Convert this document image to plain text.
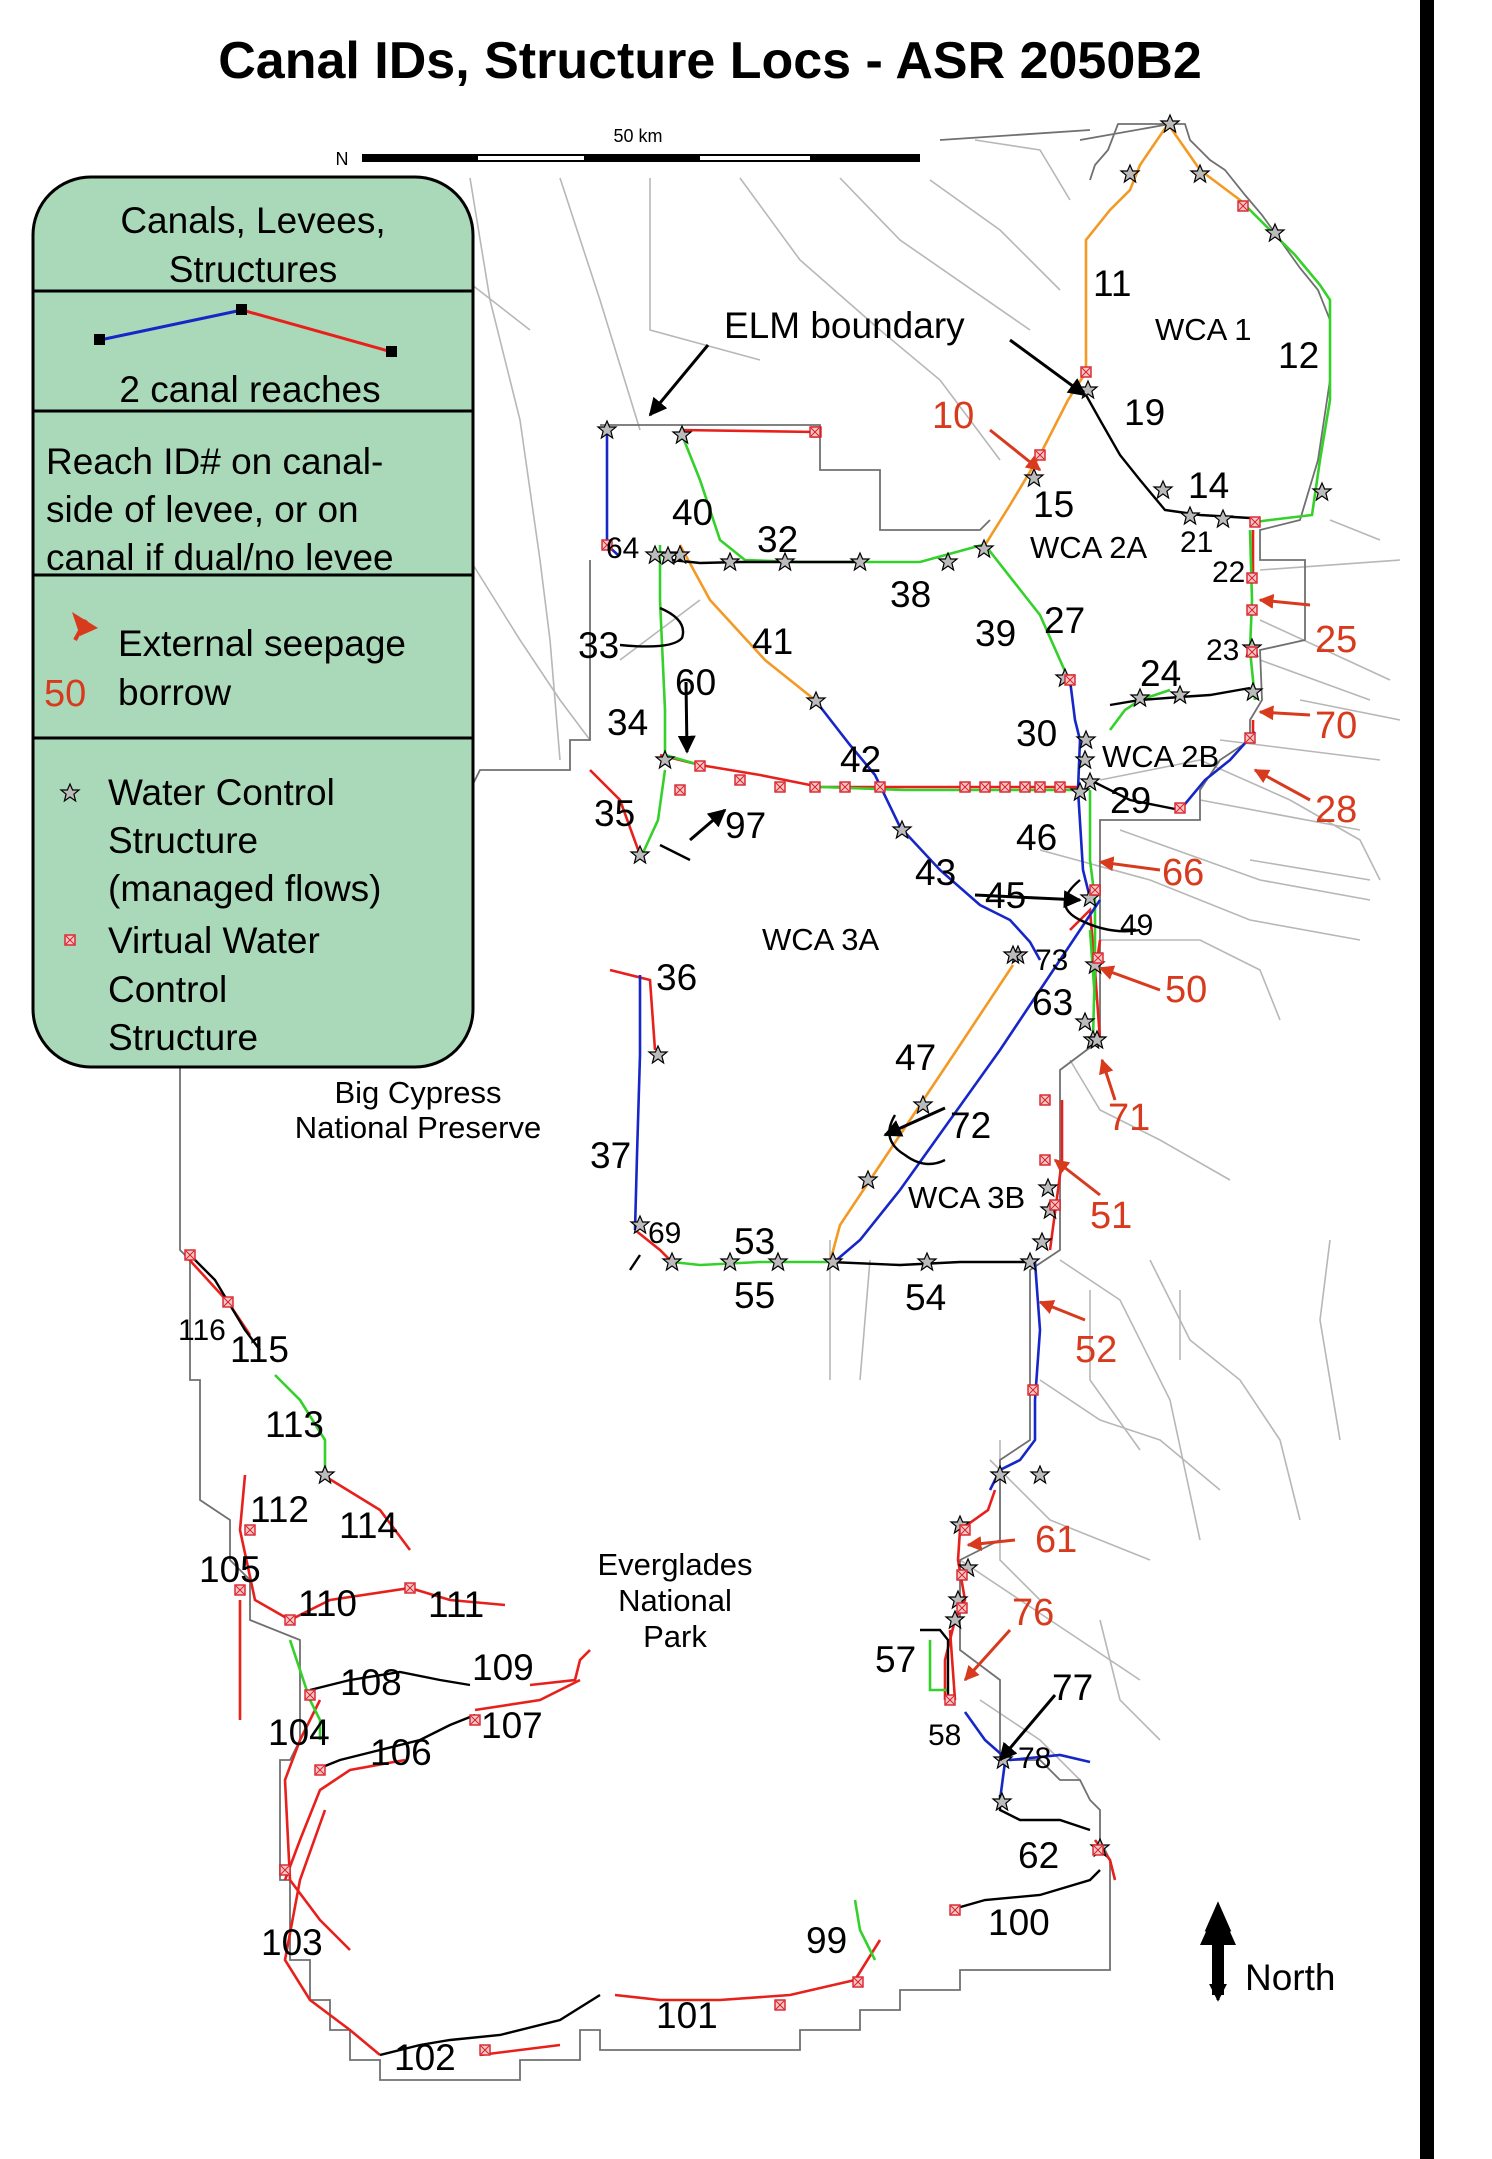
Canal IDs, Structure Locs - ASR 2050B2
N
50 km
North
Canals, Levees,
Structures
2 canal reaches
Reach ID# on canal-
side of levee, or on
canal if dual/no levee
50
External seepage
borrow
Water Control
Structure
(managed flows)
Virtual Water
Control
Structure
ELM boundary	WCA 1
WCA 2A
WCA 2B
WCA 3A
WCA 3B
Big Cypress
National Preserve
Everglades
National
Park
11
12
19
14
15
21
22
23
24
27
30
29
39
38
32
40
64
41
33
34
60
35 97
42
43
45
46
49
73
63
47
72
36
37
69 53
55	54
116 115
113
112 114
105
110 111
108 109
104	107
106
103
102
101
99	100
62
57
58
77
78
10
25
70
28
66
50
71
51
52
61
76
